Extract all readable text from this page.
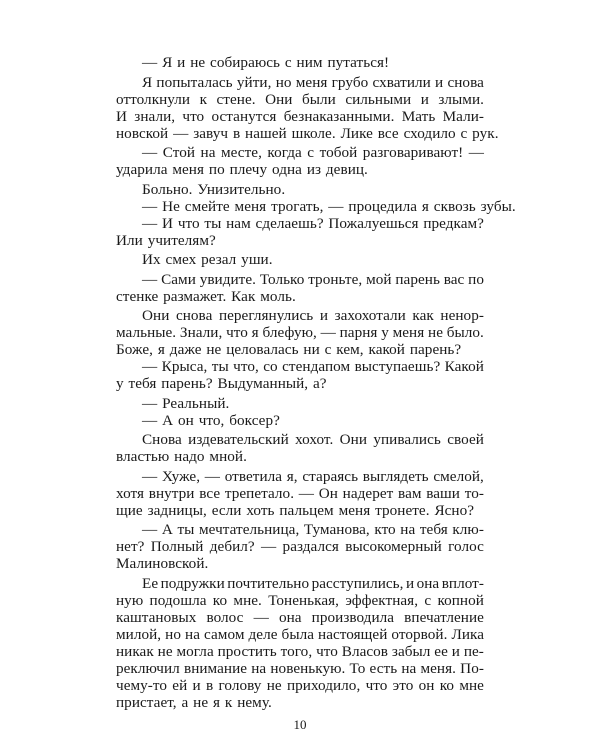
— Я и не собираюсь с ним путаться!
Я попыталась уйти, но меня грубо схватили и снова
оттолкнули к стене. Они были сильными и злыми.
И знали, что останутся безнаказанными. Мать Мали-
новской — завуч в нашей школе. Лике все сходило с рук.
— Стой на месте, когда с тобой разговаривают! —
ударила меня по плечу одна из девиц.
Больно. Унизительно.
— Не смейте меня трогать, — процедила я сквозь зубы.
— И что ты нам сделаешь? Пожалуешься предкам?
Или учителям?
Их смех резал уши.
— Сами увидите. Только троньте, мой парень вас по
стенке размажет. Как моль.
Они снова переглянулись и захохотали как ненор-
мальные. Знали, что я блефую, — парня у меня не было.
Боже, я даже не целовалась ни с кем, какой парень?
— Крыса, ты что, со стендапом выступаешь? Какой
у тебя парень? Выдуманный, а?
— Реальный.
— А он что, боксер?
Снова издевательский хохот. Они упивались своей
властью надо мной.
— Хуже, — ответила я, стараясь выглядеть смелой,
хотя внутри все трепетало. — Он надерет вам ваши то-
щие задницы, если хоть пальцем меня тронете. Ясно?
— А ты мечтательница, Туманова, кто на тебя клю-
нет? Полный дебил? — раздался высокомерный голос
Малиновской.
Ее подружки почтительно расступились, и она вплот-
ную подошла ко мне. Тоненькая, эффектная, с копной
каштановых волос — она производила впечатление
милой, но на самом деле была настоящей оторвой. Лика
никак не могла простить того, что Власов забыл ее и пе-
реключил внимание на новенькую. То есть на меня. По-
чему-то ей и в голову не приходило, что это он ко мне
пристает, а не я к нему.
10
